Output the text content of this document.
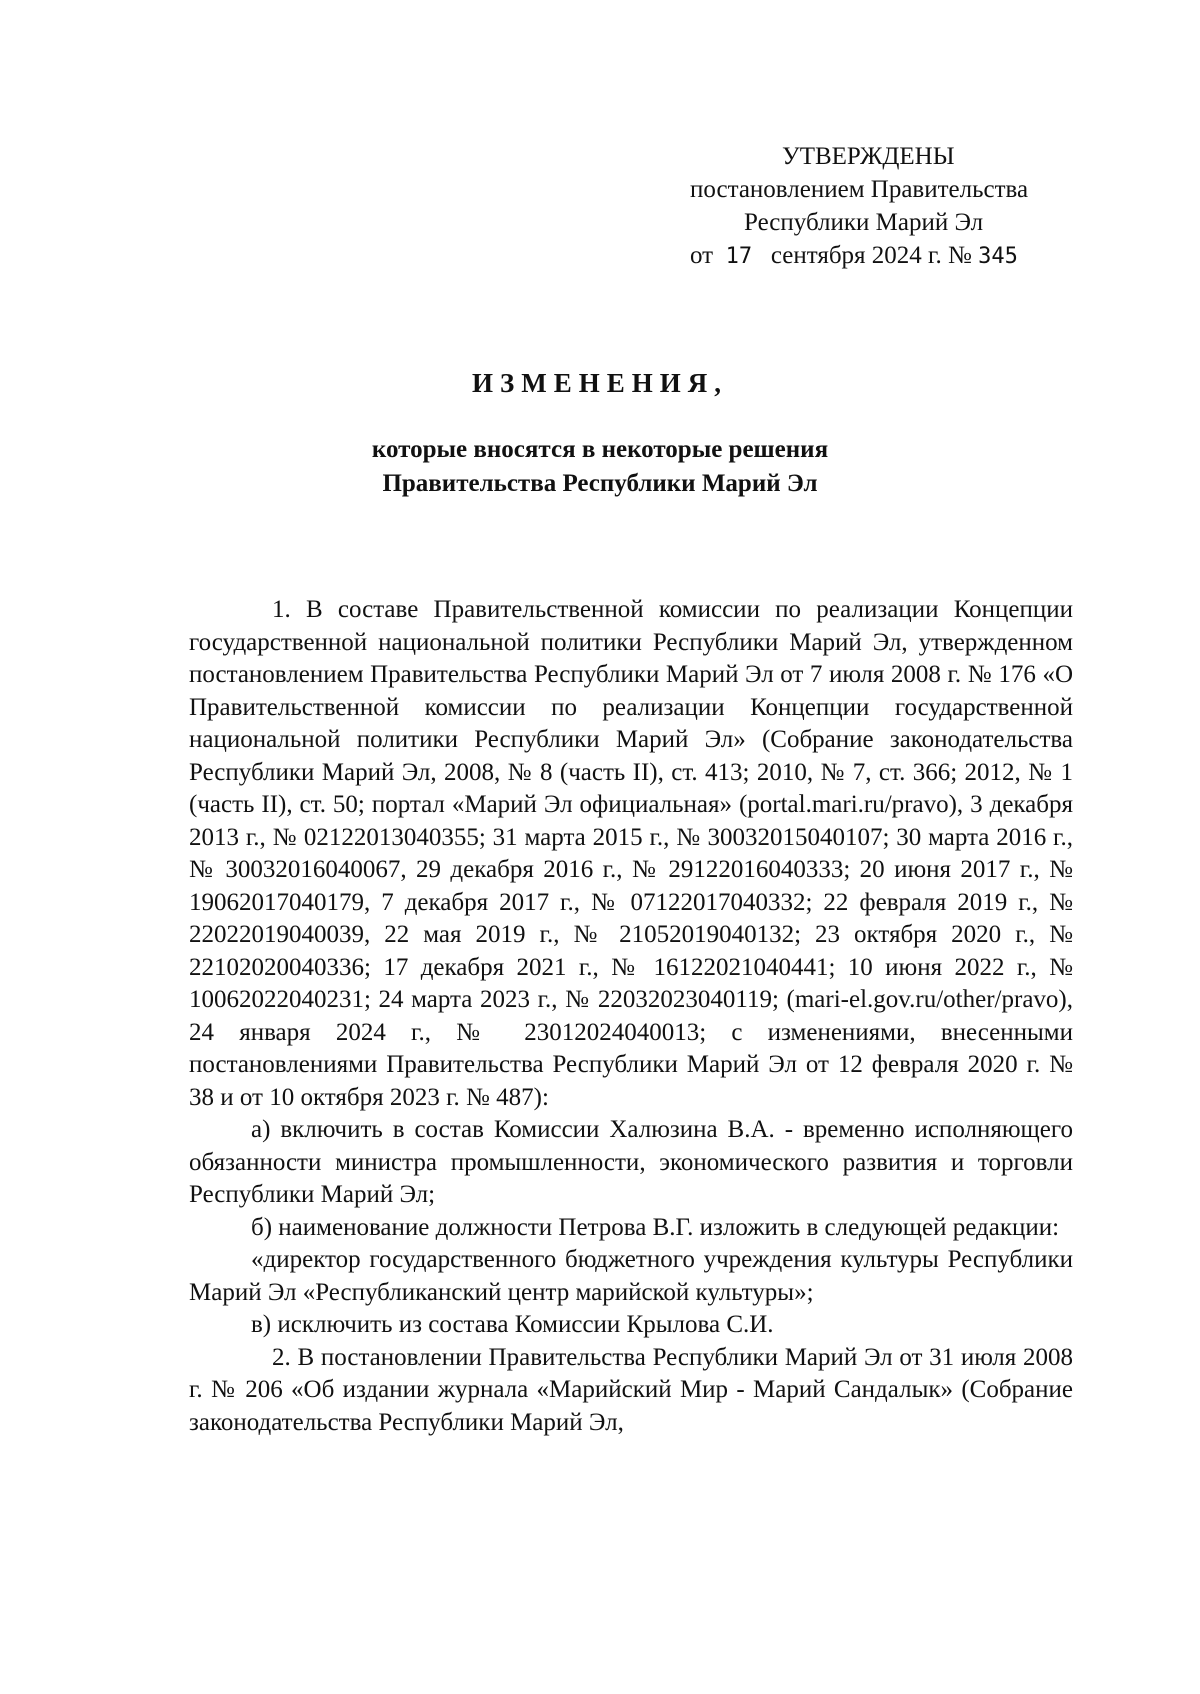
УТВЕРЖДЕНЫ
постановлением Правительства
Республики Марий Эл
от 17 сентября 2024 г. № 345
ИЗМЕНЕНИЯ,
которые вносятся в некоторые решения
Правительства Республики Марий Эл

1. В составе Правительственной комиссии по реализации Концепции государственной национальной политики Республики Марий Эл, утвержденном постановлением Правительства Республики Марий Эл от 7 июля 2008 г. № 176 «О Правительственной комиссии по реализации Концепции государственной национальной политики Республики Марий Эл» (Собрание законодательства Республики Марий Эл, 2008, № 8 (часть II), ст. 413; 2010, № 7, ст. 366; 2012, № 1 (часть II), ст. 50; портал «Марий Эл официальная» (portal.mari.ru/pravo), 3 декабря 2013 г., № 02122013040355; 31 марта 2015 г., № 30032015040107; 30 марта 2016 г., № 30032016040067, 29 декабря 2016 г., № 29122016040333; 20 июня 2017 г., № 19062017040179, 7 декабря 2017 г., № 07122017040332; 22 февраля 2019 г., № 22022019040039, 22 мая 2019 г., № 21052019040132; 23 октября 2020 г., № 22102020040336; 17 декабря 2021 г., № 16122021040441; 10 июня 2022 г., № 10062022040231; 24 марта 2023 г., № 22032023040119; (mari-el.gov.ru/other/pravo), 24 января 2024 г., № 23012024040013; с изменениями, внесенными постановлениями Правительства Республики Марий Эл от 12 февраля 2020 г. № 38 и от 10 октября 2023 г. № 487):

а) включить в состав Комиссии Халюзина В.А. - временно исполняющего обязанности министра промышленности, экономического развития и торговли Республики Марий Эл;

б) наименование должности Петрова В.Г. изложить в следующей редакции:

«директор государственного бюджетного учреждения культуры Республики Марий Эл «Республиканский центр марийской культуры»;

в) исключить из состава Комиссии Крылова С.И.

2. В постановлении Правительства Республики Марий Эл от 31 июля 2008 г. № 206 «Об издании журнала «Марийский Мир - Марий Сандалык» (Собрание законодательства Республики Марий Эл,
